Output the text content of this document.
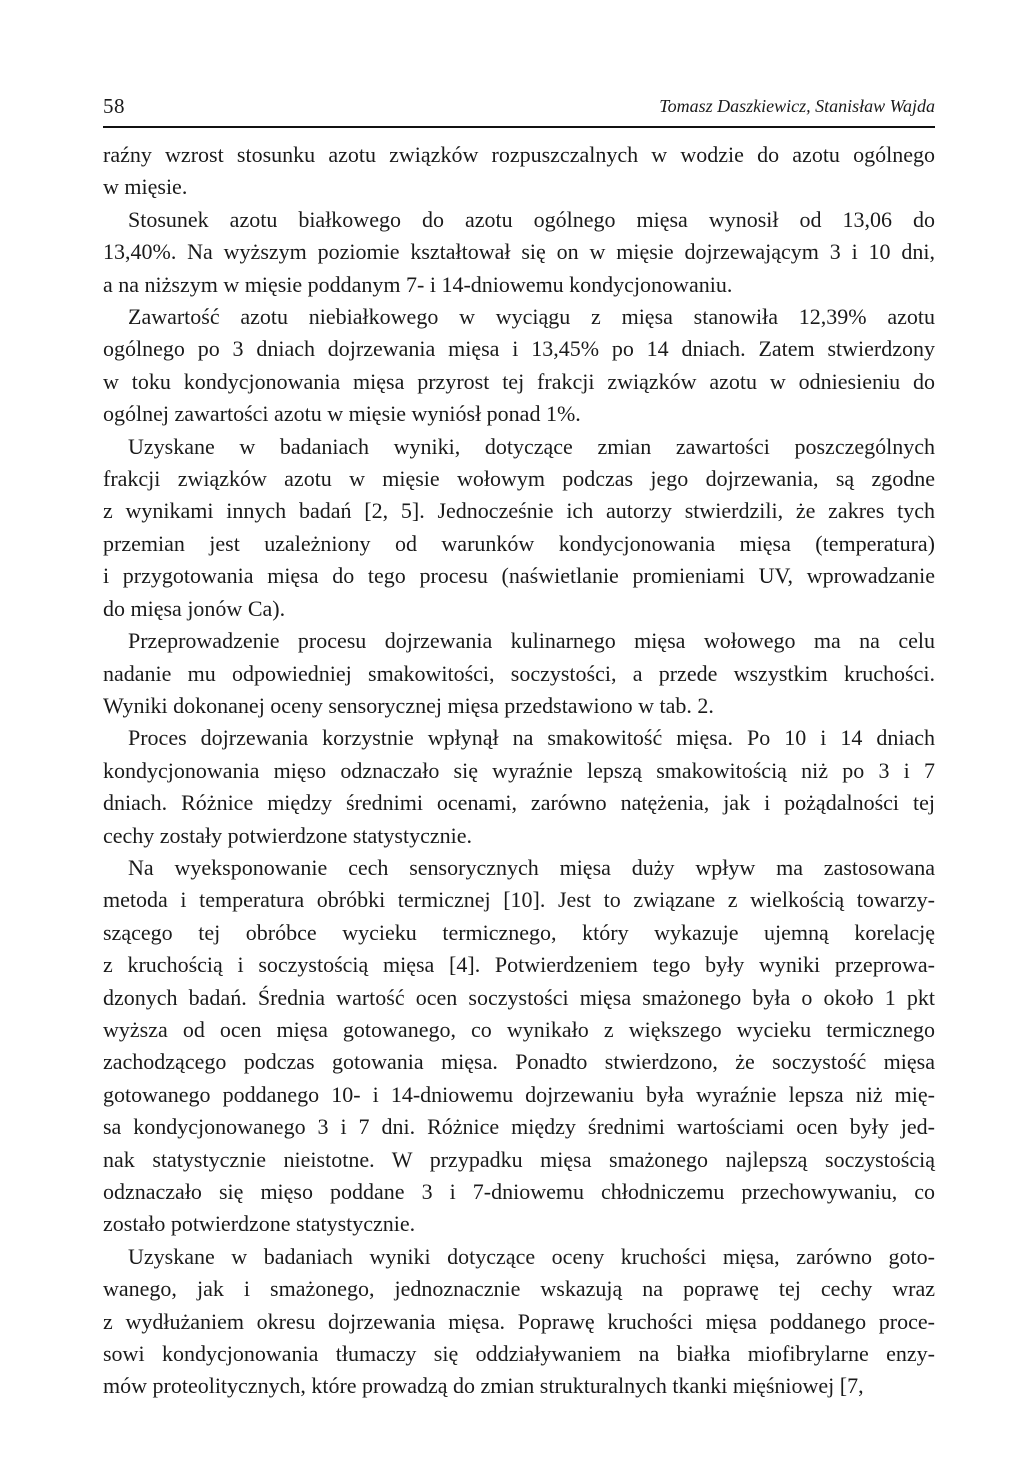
58	Tomasz Daszkiewicz, Stanisław Wajda
raźny wzrost stosunku azotu związków rozpuszczalnych w wodzie do azotu ogólnego
w mięsie.
Stosunek azotu białkowego do azotu ogólnego mięsa wynosił od 13,06 do
13,40%. Na wyższym poziomie kształtował się on w mięsie dojrzewającym 3 i 10 dni,
a na niższym w mięsie poddanym 7- i 14-dniowemu kondycjonowaniu.
Zawartość azotu niebiałkowego w wyciągu z mięsa stanowiła 12,39% azotu
ogólnego po 3 dniach dojrzewania mięsa i 13,45% po 14 dniach. Zatem stwierdzony
w toku kondycjonowania mięsa przyrost tej frakcji związków azotu w odniesieniu do
ogólnej zawartości azotu w mięsie wyniósł ponad 1%.
Uzyskane w badaniach wyniki, dotyczące zmian zawartości poszczególnych
frakcji związków azotu w mięsie wołowym podczas jego dojrzewania, są zgodne
z wynikami innych badań [2, 5]. Jednocześnie ich autorzy stwierdzili, że zakres tych
przemian jest uzależniony od warunków kondycjonowania mięsa (temperatura)
i przygotowania mięsa do tego procesu (naświetlanie promieniami UV, wprowadzanie
do mięsa jonów Ca).
Przeprowadzenie procesu dojrzewania kulinarnego mięsa wołowego ma na celu
nadanie mu odpowiedniej smakowitości, soczystości, a przede wszystkim kruchości.
Wyniki dokonanej oceny sensorycznej mięsa przedstawiono w tab. 2.
Proces dojrzewania korzystnie wpłynął na smakowitość mięsa. Po 10 i 14 dniach
kondycjonowania mięso odznaczało się wyraźnie lepszą smakowitością niż po 3 i 7
dniach. Różnice między średnimi ocenami, zarówno natężenia, jak i pożądalności tej
cechy zostały potwierdzone statystycznie.
Na wyeksponowanie cech sensorycznych mięsa duży wpływ ma zastosowana
metoda i temperatura obróbki termicznej [10]. Jest to związane z wielkością towarzy-
szącego tej obróbce wycieku termicznego, który wykazuje ujemną korelację
z kruchością i soczystością mięsa [4]. Potwierdzeniem tego były wyniki przeprowa-
dzonych badań. Średnia wartość ocen soczystości mięsa smażonego była o około 1 pkt
wyższa od ocen mięsa gotowanego, co wynikało z większego wycieku termicznego
zachodzącego podczas gotowania mięsa. Ponadto stwierdzono, że soczystość mięsa
gotowanego poddanego 10- i 14-dniowemu dojrzewaniu była wyraźnie lepsza niż mię-
sa kondycjonowanego 3 i 7 dni. Różnice między średnimi wartościami ocen były jed-
nak statystycznie nieistotne. W przypadku mięsa smażonego najlepszą soczystością
odznaczało się mięso poddane 3 i 7-dniowemu chłodniczemu przechowywaniu, co
zostało potwierdzone statystycznie.
Uzyskane w badaniach wyniki dotyczące oceny kruchości mięsa, zarówno goto-
wanego, jak i smażonego, jednoznacznie wskazują na poprawę tej cechy wraz
z wydłużaniem okresu dojrzewania mięsa. Poprawę kruchości mięsa poddanego proce-
sowi kondycjonowania tłumaczy się oddziaływaniem na białka miofibrylarne enzy-
mów proteolitycznych, które prowadzą do zmian strukturalnych tkanki mięśniowej [7,
